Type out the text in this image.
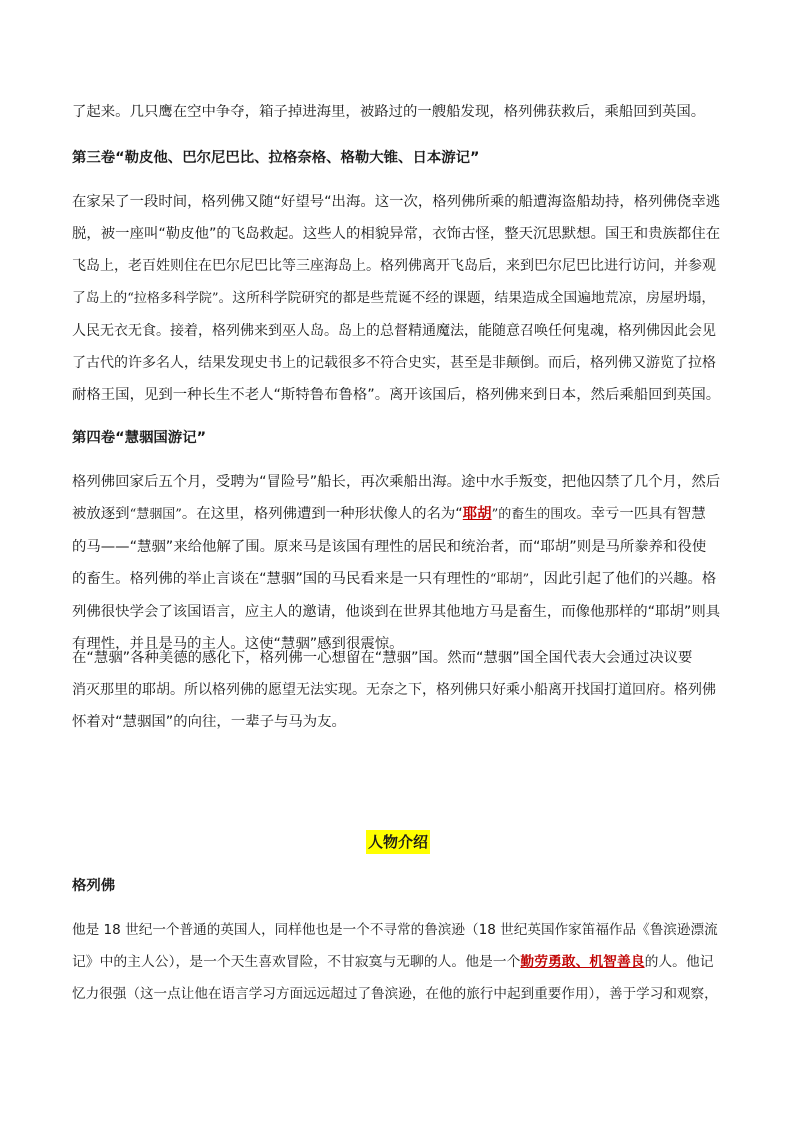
了起来。几只鹰在空中争夺，箱子掉进海里，被路过的一艘船发现，格列佛获救后，乘船回到英国。

第三卷“勒皮他、巴尔尼巴比、拉格奈格、格勒大锥、日本游记”

在家呆了一段时间，格列佛又随“好望号“出海。这一次，格列佛所乘的船遭海盗船劫持，格列佛侥幸逃
脱，被一座叫“勒皮他”的飞岛救起。这些人的相貌异常，衣饰古怪，整天沉思默想。国王和贵族都住在
飞岛上，老百姓则住在巴尔尼巴比等三座海岛上。格列佛离开飞岛后，来到巴尔尼巴比进行访问，并参观
了岛上的“拉格多科学院”。这所科学院研究的都是些荒诞不经的课题，结果造成全国遍地荒凉，房屋坍塌，
人民无衣无食。接着，格列佛来到巫人岛。岛上的总督精通魔法，能随意召唤任何鬼魂，格列佛因此会见
了古代的许多名人，结果发现史书上的记载很多不符合史实，甚至是非颠倒。而后，格列佛又游览了拉格
耐格王国，见到一种长生不老人“斯特鲁布鲁格”。离开该国后，格列佛来到日本，然后乘船回到英国。

第四卷“慧骃国游记”

格列佛回家后五个月，受聘为“冒险号”船长，再次乘船出海。途中水手叛变，把他囚禁了几个月，然后
被放逐到“慧骃国”。在这里，格列佛遭到一种形状像人的名为“耶胡”的畜生的围攻。幸亏一匹具有智慧
的马——“慧骃”来给他解了围。原来马是该国有理性的居民和统治者，而“耶胡”则是马所豢养和役使
的畜生。格列佛的举止言谈在“慧骃”国的马民看来是一只有理性的“耶胡”，因此引起了他们的兴趣。格
列佛很快学会了该国语言，应主人的邀请，他谈到在世界其他地方马是畜生，而像他那样的“耶胡”则具
有理性，并且是马的主人。这使“慧骃”感到很震惊。

在“慧骃”各种美德的感化下，格列佛一心想留在“慧骃”国。然而“慧骃”国全国代表大会通过决议要
消灭那里的耶胡。所以格列佛的愿望无法实现。无奈之下，格列佛只好乘小船离开找国打道回府。格列佛
怀着对“慧骃国”的向往，一辈子与马为友。

人物介绍

格列佛

他是 18 世纪一个普通的英国人，同样他也是一个不寻常的鲁滨逊（18 世纪英国作家笛福作品《鲁滨逊漂流
记》中的主人公），是一个天生喜欢冒险，不甘寂寞与无聊的人。他是一个勤劳勇敢、机智善良的人。他记
忆力很强（这一点让他在语言学习方面远远超过了鲁滨逊，在他的旅行中起到重要作用），善于学习和观察，
